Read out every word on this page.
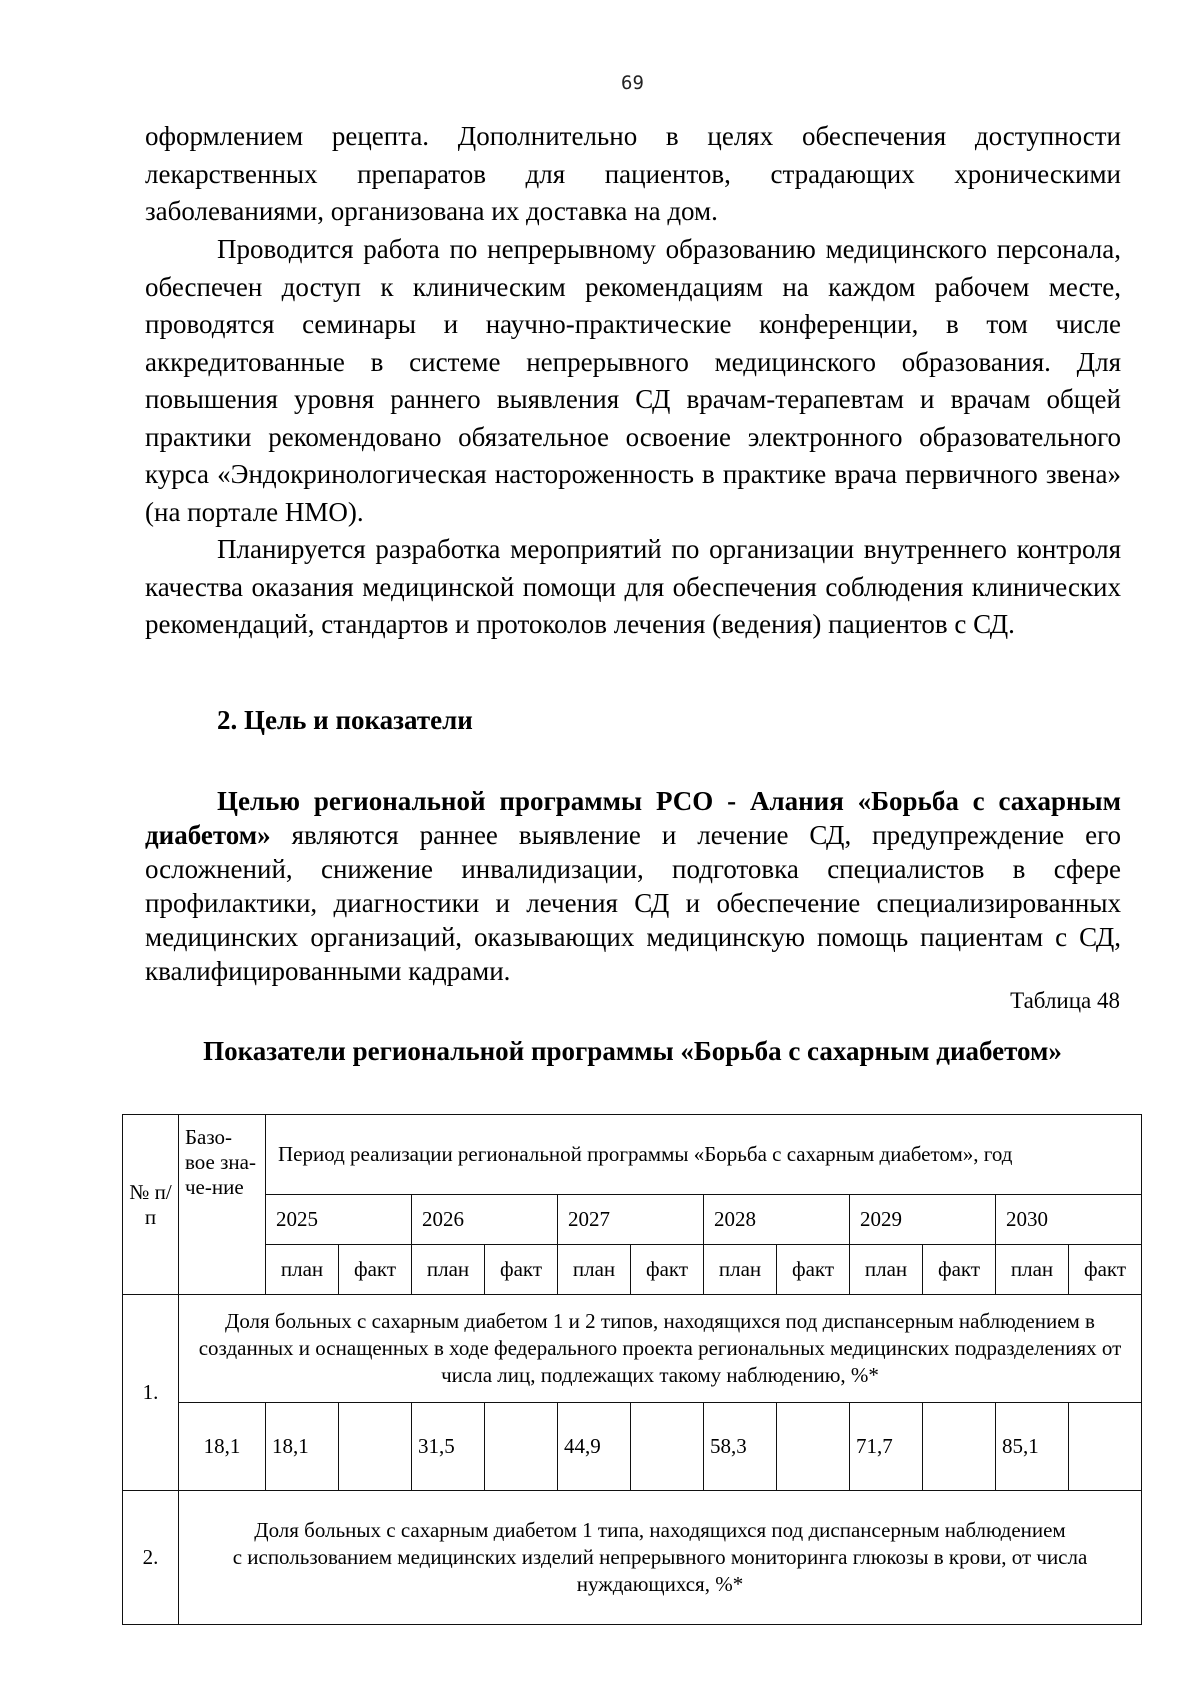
69

оформлением рецепта. Дополнительно в целях обеспечения доступности лекарственных препаратов для пациентов, страдающих хроническими заболеваниями, организована их доставка на дом.

Проводится работа по непрерывному образованию медицинского персонала, обеспечен доступ к клиническим рекомендациям на каждом рабочем месте, проводятся семинары и научно-практические конференции, в том числе аккредитованные в системе непрерывного медицинского образования. Для повышения уровня раннего выявления СД врачам-терапевтам и врачам общей практики рекомендовано обязательное освоение электронного образовательного курса «Эндокринологическая настороженность в практике врача первичного звена» (на портале НМО).

Планируется разработка мероприятий по организации внутреннего контроля качества оказания медицинской помощи для обеспечения соблюдения клинических рекомендаций, стандартов и протоколов лечения (ведения) пациентов с СД.

2. Цель и показатели

Целью региональной программы РСО - Алания «Борьба с сахарным диабетом» являются раннее выявление и лечение СД, предупреждение его осложнений, снижение инвалидизации, подготовка специалистов в сфере профилактики, диагностики и лечения СД и обеспечение специализированных медицинских организаций, оказывающих медицинскую помощь пациентам с СД, квалифицированными кадрами.

Таблица 48

Показатели региональной программы «Борьба с сахарным диабетом»

№ п/п	Базо-вое зна-че-ние	Период реализации региональной программы «Борьба с сахарным диабетом», год											
		2025		2026		2027		2028		2029		2030	
		план	факт	план	факт	план	факт	план	факт	план	факт	план	факт
1.	Доля больных с сахарным диабетом 1 и 2 типов, находящихся под диспансерным наблюдением в созданных и оснащенных в ходе федерального проекта региональных медицинских подразделениях от числа лиц, подлежащих такому наблюдению, %*												
	18,1	18,1		31,5		44,9		58,3		71,7		85,1	
2.	Доля больных с сахарным диабетом 1 типа, находящихся под диспансерным наблюдением
с использованием медицинских изделий непрерывного мониторинга глюкозы в крови, от числа нуждающихся, %*												
